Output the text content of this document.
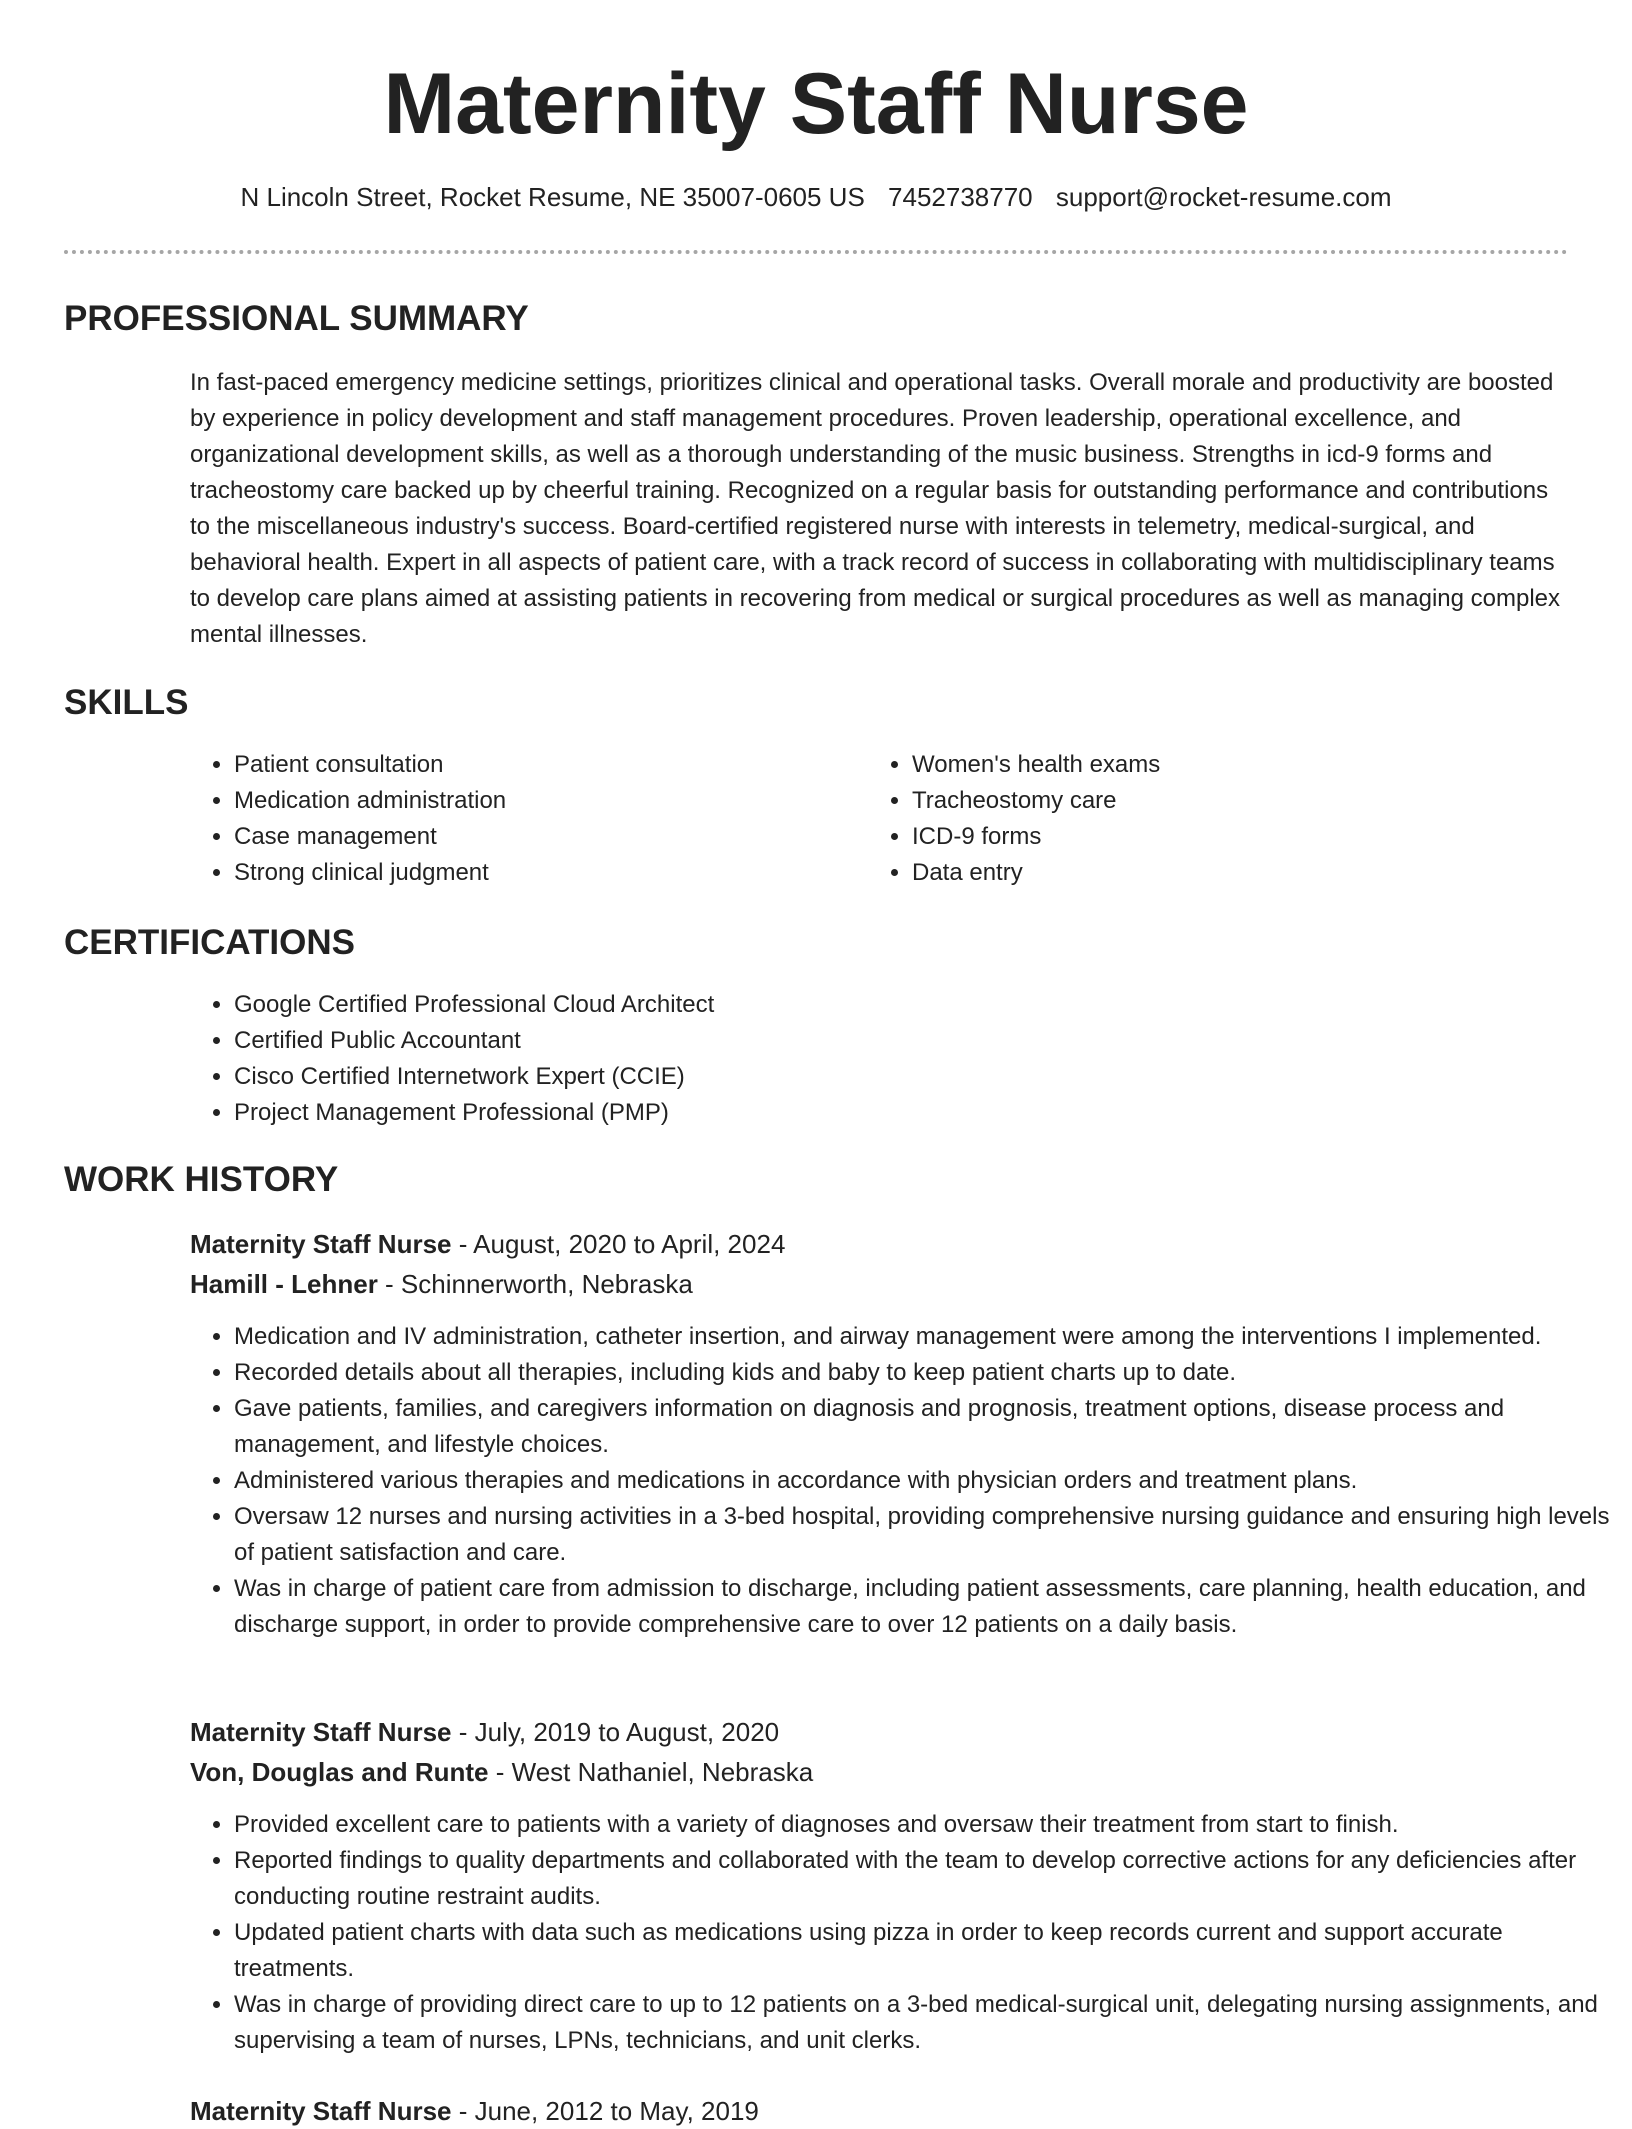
Maternity Staff Nurse
N Lincoln Street, Rocket Resume, NE 35007-0605 US 7452738770 support@rocket-resume.com
PROFESSIONAL SUMMARY

In fast-paced emergency medicine settings, prioritizes clinical and operational tasks. Overall morale and productivity are boosted by experience in policy development and staff management procedures. Proven leadership, operational excellence, and organizational development skills, as well as a thorough understanding of the music business. Strengths in icd-9 forms and tracheostomy care backed up by cheerful training. Recognized on a regular basis for outstanding performance and contributions to the miscellaneous industry's success. Board-certified registered nurse with interests in telemetry, medical-surgical, and behavioral health. Expert in all aspects of patient care, with a track record of success in collaborating with multidisciplinary teams to develop care plans aimed at assisting patients in recovering from medical or surgical procedures as well as managing complex mental illnesses.

SKILLS
• Patient consultation
• Medication administration
• Case management
• Strong clinical judgment
• Women's health exams
• Tracheostomy care
• ICD-9 forms
• Data entry
CERTIFICATIONS
• Google Certified Professional Cloud Architect
• Certified Public Accountant
• Cisco Certified Internetwork Expert (CCIE)
• Project Management Professional (PMP)
WORK HISTORY
Maternity Staff Nurse - August, 2020 to April, 2024
Hamill - Lehner - Schinnerworth, Nebraska
• Medication and IV administration, catheter insertion, and airway management were among the interventions I implemented.
• Recorded details about all therapies, including kids and baby to keep patient charts up to date.
• Gave patients, families, and caregivers information on diagnosis and prognosis, treatment options, disease process and management, and lifestyle choices.
• Administered various therapies and medications in accordance with physician orders and treatment plans.
• Oversaw 12 nurses and nursing activities in a 3-bed hospital, providing comprehensive nursing guidance and ensuring high levels of patient satisfaction and care.
• Was in charge of patient care from admission to discharge, including patient assessments, care planning, health education, and discharge support, in order to provide comprehensive care to over 12 patients on a daily basis.
Maternity Staff Nurse - July, 2019 to August, 2020
Von, Douglas and Runte - West Nathaniel, Nebraska
• Provided excellent care to patients with a variety of diagnoses and oversaw their treatment from start to finish.
• Reported findings to quality departments and collaborated with the team to develop corrective actions for any deficiencies after conducting routine restraint audits.
• Updated patient charts with data such as medications using pizza in order to keep records current and support accurate treatments.
• Was in charge of providing direct care to up to 12 patients on a 3-bed medical-surgical unit, delegating nursing assignments, and supervising a team of nurses, LPNs, technicians, and unit clerks.
Maternity Staff Nurse - June, 2012 to May, 2019
